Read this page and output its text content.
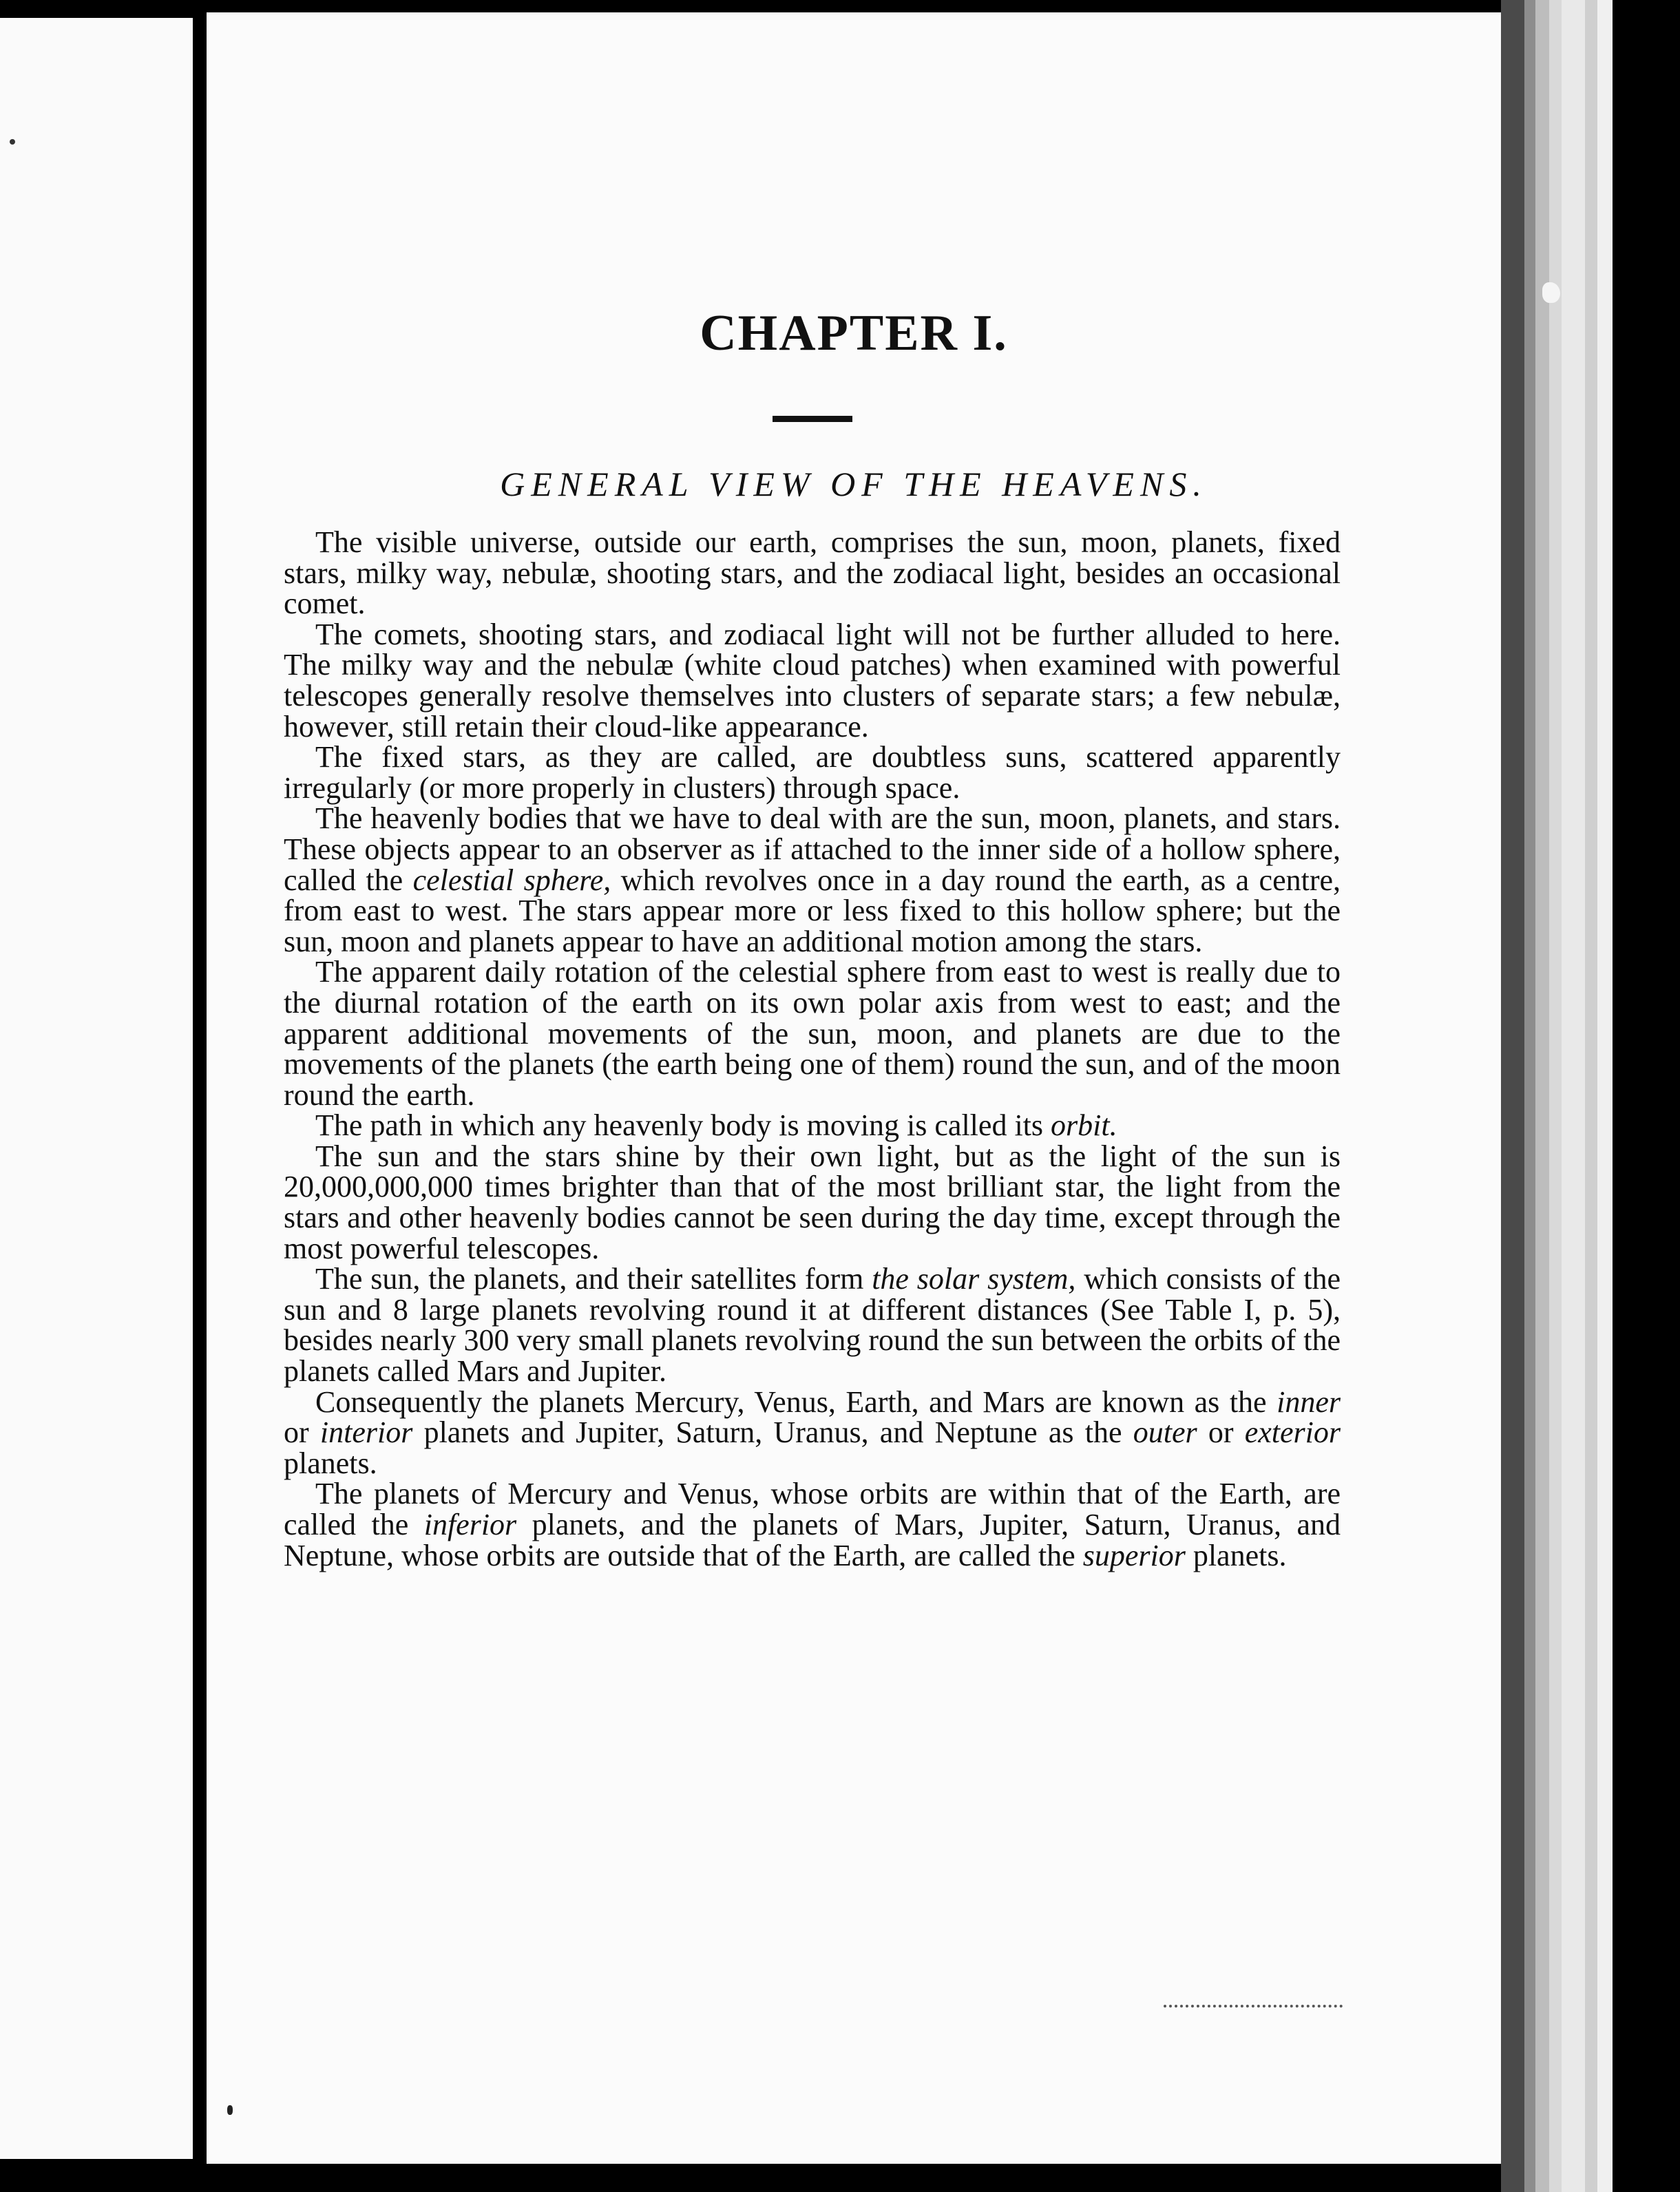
CHAPTER I.
GENERAL VIEW OF THE HEAVENS.

The visible universe, outside our earth, comprises the sun, moon, planets, fixed stars, milky way, nebulæ, shooting stars, and the zodiacal light, besides an occasional comet.

The comets, shooting stars, and zodiacal light will not be further alluded to here. The milky way and the nebulæ (white cloud patches) when examined with powerful telescopes generally resolve themselves into clusters of separate stars; a few nebulæ, however, still retain their cloud-like appearance.

The fixed stars, as they are called, are doubtless suns, scattered apparently irregularly (or more properly in clusters) through space.

The heavenly bodies that we have to deal with are the sun, moon, planets, and stars. These objects appear to an observer as if attached to the inner side of a hollow sphere, called the celestial sphere, which revolves once in a day round the earth, as a centre, from east to west. The stars appear more or less fixed to this hollow sphere; but the sun, moon and planets appear to have an additional motion among the stars.

The apparent daily rotation of the celestial sphere from east to west is really due to the diurnal rotation of the earth on its own polar axis from west to east; and the apparent additional movements of the sun, moon, and planets are due to the movements of the planets (the earth being one of them) round the sun, and of the moon round the earth.

The path in which any heavenly body is moving is called its orbit.

The sun and the stars shine by their own light, but as the light of the sun is 20,000,000,000 times brighter than that of the most brilliant star, the light from the stars and other heavenly bodies cannot be seen during the day time, except through the most powerful telescopes.

The sun, the planets, and their satellites form the solar system, which consists of the sun and 8 large planets revolving round it at different distances (See Table I, p. 5), besides nearly 300 very small planets revolving round the sun between the orbits of the planets called Mars and Jupiter.

Consequently the planets Mercury, Venus, Earth, and Mars are known as the inner or interior planets and Jupiter, Saturn, Uranus, and Neptune as the outer or exterior planets.

The planets of Mercury and Venus, whose orbits are within that of the Earth, are called the inferior planets, and the planets of Mars, Jupiter, Saturn, Uranus, and Neptune, whose orbits are outside that of the Earth, are called the superior planets.
